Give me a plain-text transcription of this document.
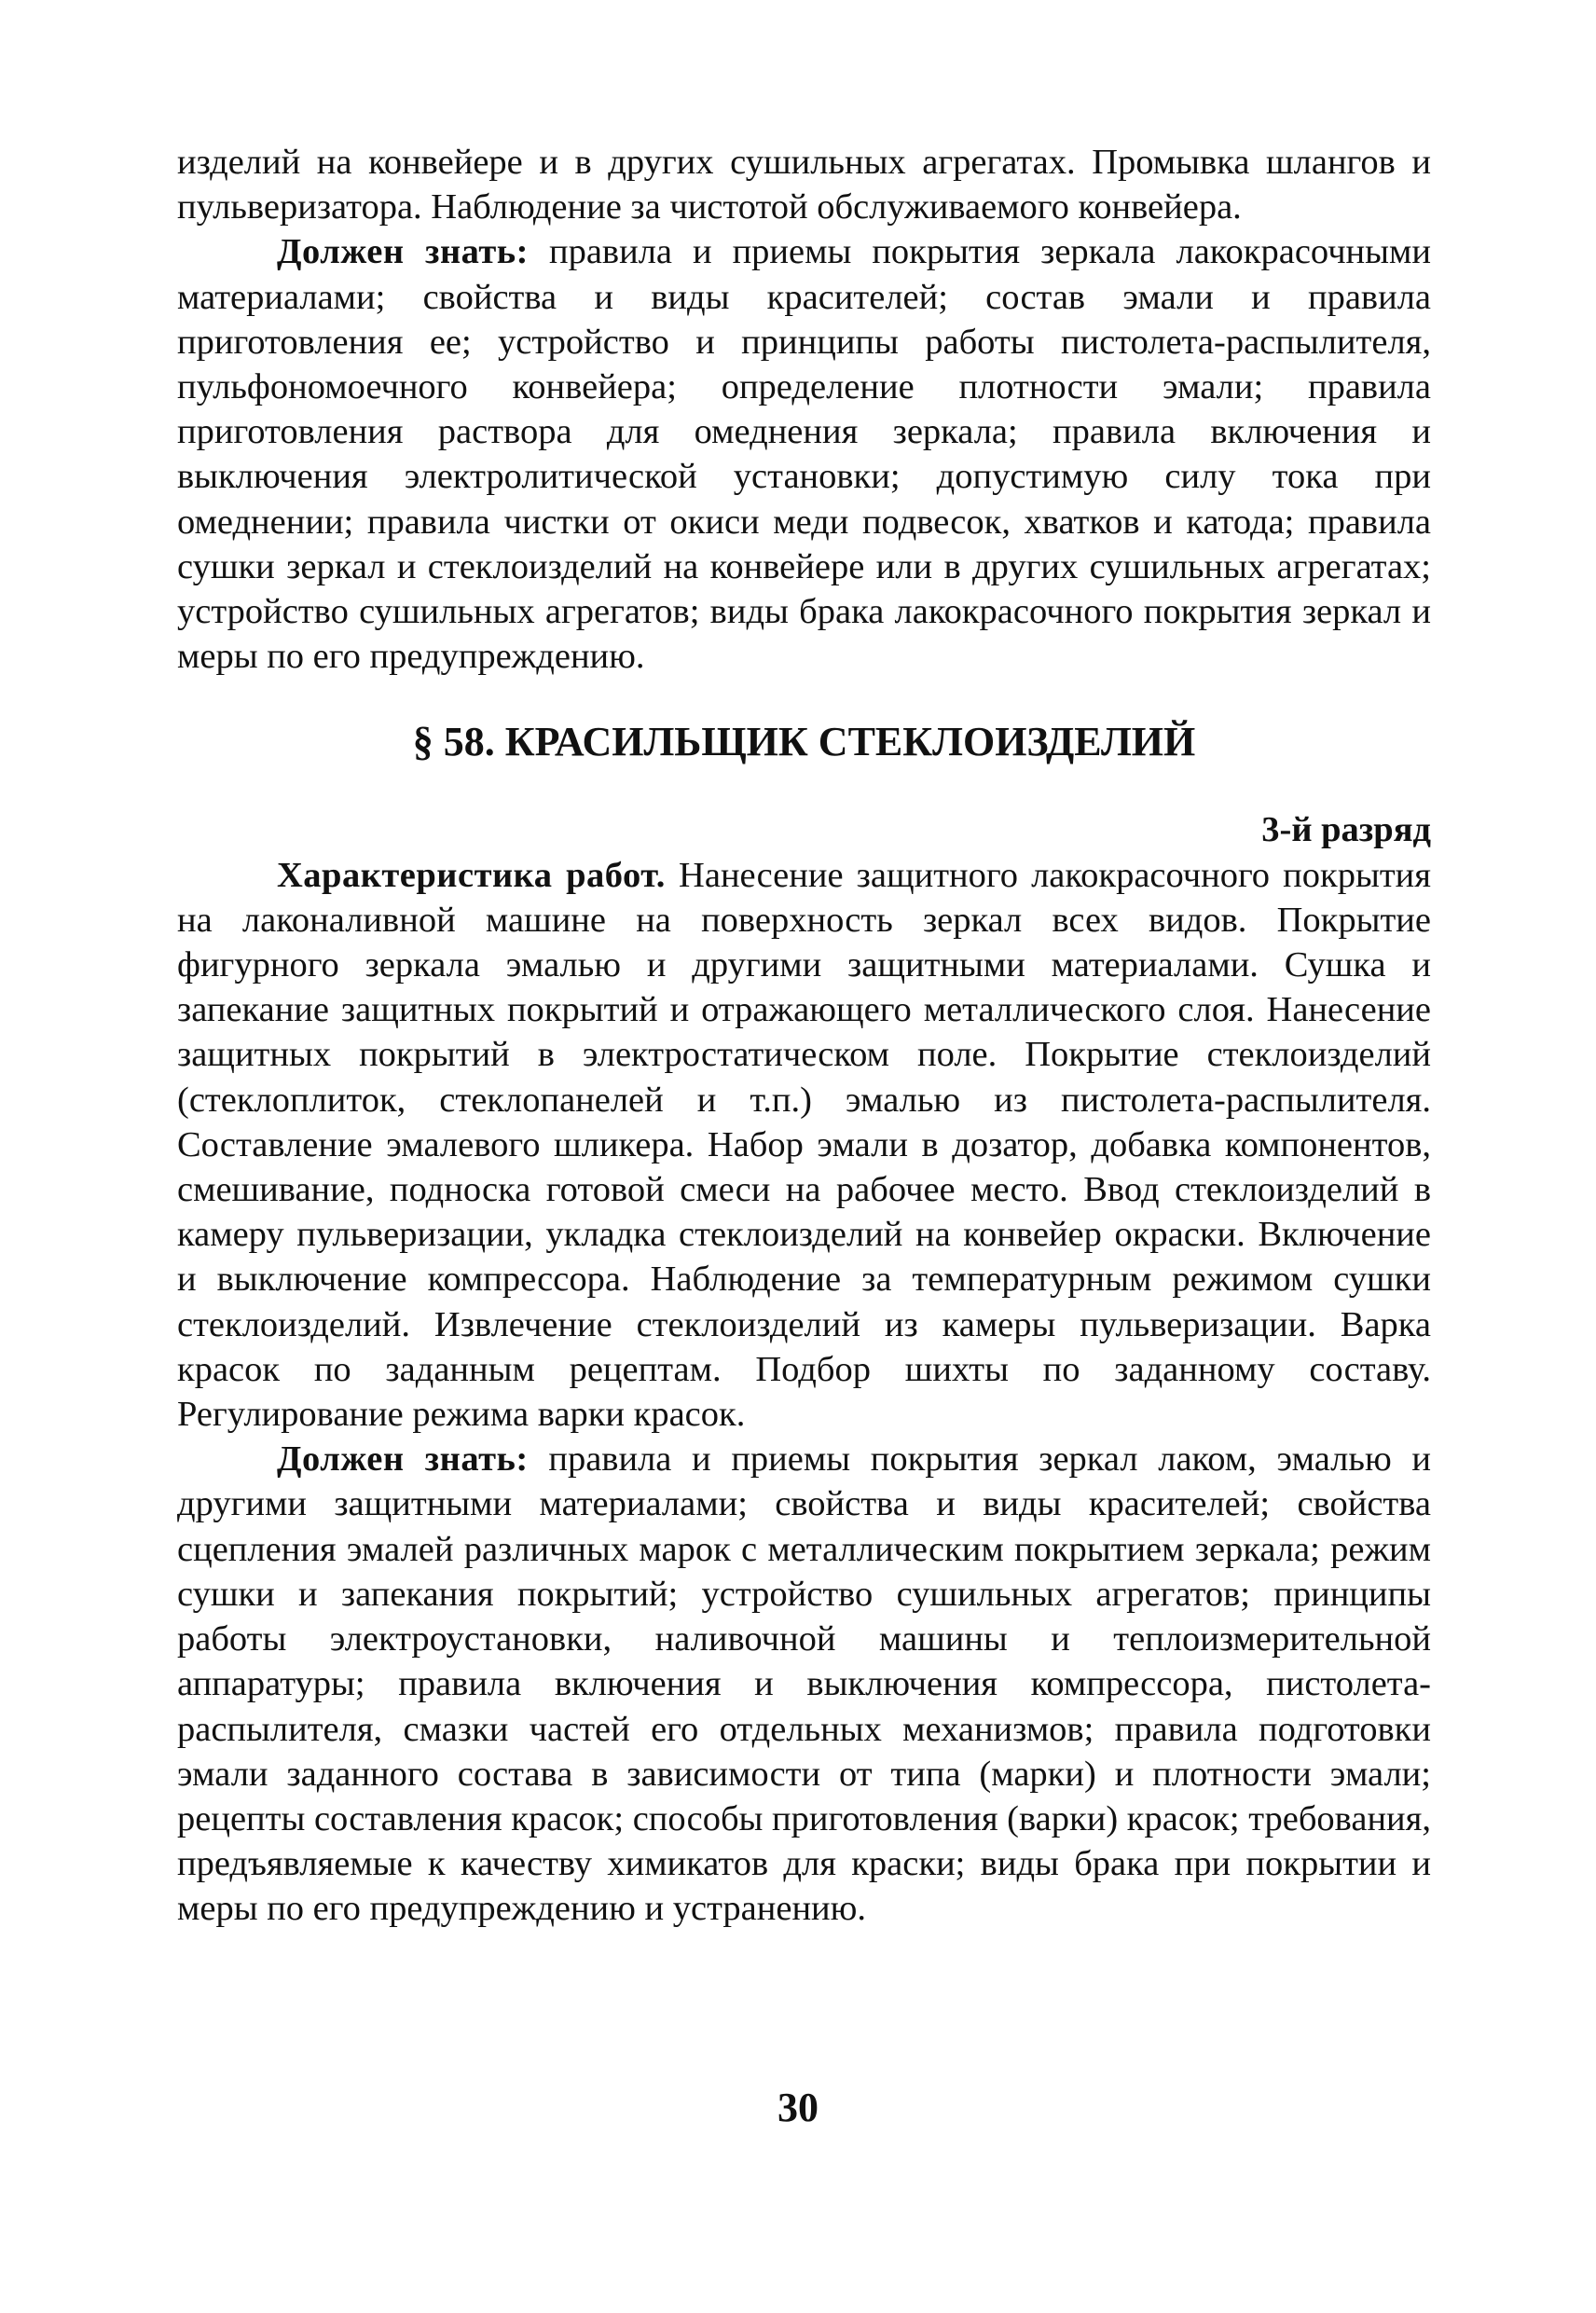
изделий на конвейере и в других сушильных агрегатах. Промывка шлангов и пульверизатора. Наблюдение за чистотой обслуживаемого конвейера.

Должен знать: правила и приемы покрытия зеркала лакокрасочными материалами; свойства и виды красителей; состав эмали и правила приготовления ее; устройство и принципы работы пистолета-распылителя, пульфономоечного конвейера; определение плотности эмали; правила приготовления раствора для омеднения зеркала; правила включения и выключения электролитической установки; допустимую силу тока при омеднении; правила чистки от окиси меди подвесок, хватков и катода; правила сушки зеркал и стеклоизделий на конвейере или в других сушильных агрегатах; устройство сушильных агрегатов; виды брака лакокрасочного покрытия зеркал и меры по его предупреждению.

§ 58. КРАСИЛЬЩИК СТЕКЛОИЗДЕЛИЙ

3-й разряд

Характеристика работ. Нанесение защитного лакокрасочного покрытия на лаконаливной машине на поверхность зеркал всех видов. Покрытие фигурного зеркала эмалью и другими защитными материалами. Сушка и запекание защитных покрытий и отражающего металлического слоя. Нанесение защитных покрытий в электростатическом поле. Покрытие стеклоизделий (стеклоплиток, стеклопанелей и т.п.) эмалью из пистолета-распылителя. Составление эмалевого шликера. Набор эмали в дозатор, добавка компонентов, смешивание, подноска готовой смеси на рабочее место. Ввод стеклоизделий в камеру пульверизации, укладка стеклоизделий на конвейер окраски. Включение и выключение компрессора. Наблюдение за температурным режимом сушки стеклоизделий. Извлечение стеклоизделий из камеры пульверизации. Варка красок по заданным рецептам. Подбор шихты по заданному составу. Регулирование режима варки красок.

Должен знать: правила и приемы покрытия зеркал лаком, эмалью и другими защитными материалами; свойства и виды красителей; свойства сцепления эмалей различных марок с металлическим покрытием зеркала; режим сушки и запекания покрытий; устройство сушильных агрегатов; принципы работы электроустановки, наливочной машины и теплоизмерительной аппаратуры; правила включения и выключения компрессора, пистолета-распылителя, смазки частей его отдельных механизмов; правила подготовки эмали заданного состава в зависимости от типа (марки) и плотности эмали; рецепты составления красок; способы приготовления (варки) красок; требования, предъявляемые к качеству химикатов для краски; виды брака при покрытии и меры по его предупреждению и устранению.

30
